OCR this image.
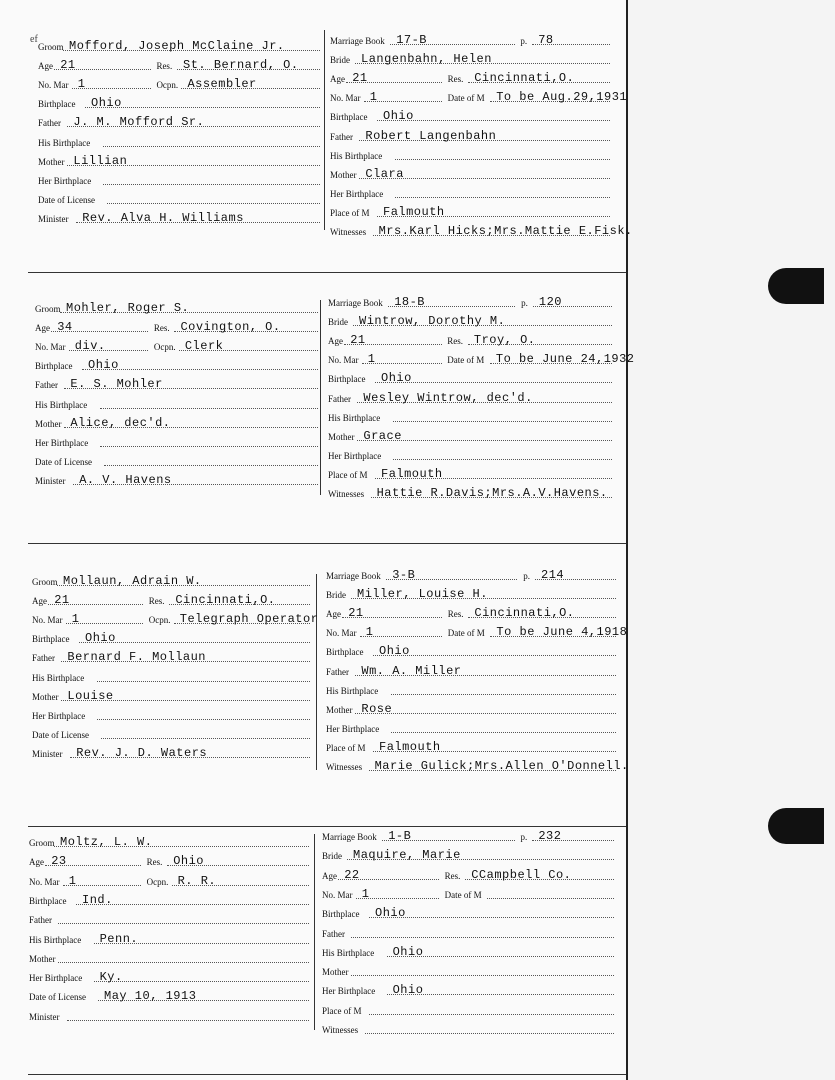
ef
Groom Mofford, Joseph McClaine Jr.
Age 21	Res. St. Bernard, O.
No. Mar 1	Ocpn. Assembler
Birthplace Ohio
Father J. M. Mofford Sr.
His Birthplace
Mother Lillian
Her Birthplace
Date of License
Minister Rev. Alva H. Williams
Marriage Book 17-B	p. 78
Bride Langenbahn, Helen
Age 21	Res. Cincinnati,O.
No. Mar 1	Date of M To be Aug.29,1931
Birthplace Ohio
Father Robert Langenbahn
His Birthplace
Mother Clara
Her Birthplace
Place of M Falmouth
Witnesses Mrs.Karl Hicks;Mrs.Mattie E.Fisk.
Groom Mohler, Roger S.
Age 34	Res. Covington, O.
No. Mar div.	Ocpn. Clerk
Birthplace Ohio
Father E. S. Mohler
His Birthplace
Mother Alice, dec'd.
Her Birthplace
Date of License
Minister A. V. Havens
Marriage Book 18-B	p. 120
Bride Wintrow, Dorothy M.
Age 21	Res. Troy, O.
No. Mar 1	Date of M To be June 24,1932
Birthplace Ohio
Father Wesley Wintrow, dec'd.
His Birthplace
Mother Grace
Her Birthplace
Place of M Falmouth
Witnesses Hattie R.Davis;Mrs.A.V.Havens.
Groom Mollaun, Adrain W.
Age 21	Res. Cincinnati,O.
No. Mar 1	Ocpn. Telegraph Operator
Birthplace Ohio
Father Bernard F. Mollaun
His Birthplace
Mother Louise
Her Birthplace
Date of License
Minister Rev. J. D. Waters
Marriage Book 3-B	p. 214
Bride Miller, Louise H.
Age 21	Res. Cincinnati,O.
No. Mar 1	Date of M To be June 4,1918
Birthplace Ohio
Father Wm. A. Miller
His Birthplace
Mother Rose
Her Birthplace
Place of M Falmouth
Witnesses Marie Gulick;Mrs.Allen O'Donnell.
Groom Moltz, L. W.
Age 23	Res. Ohio
No. Mar 1	Ocpn. R. R.
Birthplace Ind.
Father
His Birthplace Penn.
Mother
Her Birthplace Ky.
Date of License May 10, 1913
Minister
Marriage Book 1-B	p. 232
Bride Maquire, Marie
Age 22	Res. CCampbell Co.
No. Mar 1	Date of M
Birthplace Ohio
Father
His Birthplace Ohio
Mother
Her Birthplace Ohio
Place of M
Witnesses
